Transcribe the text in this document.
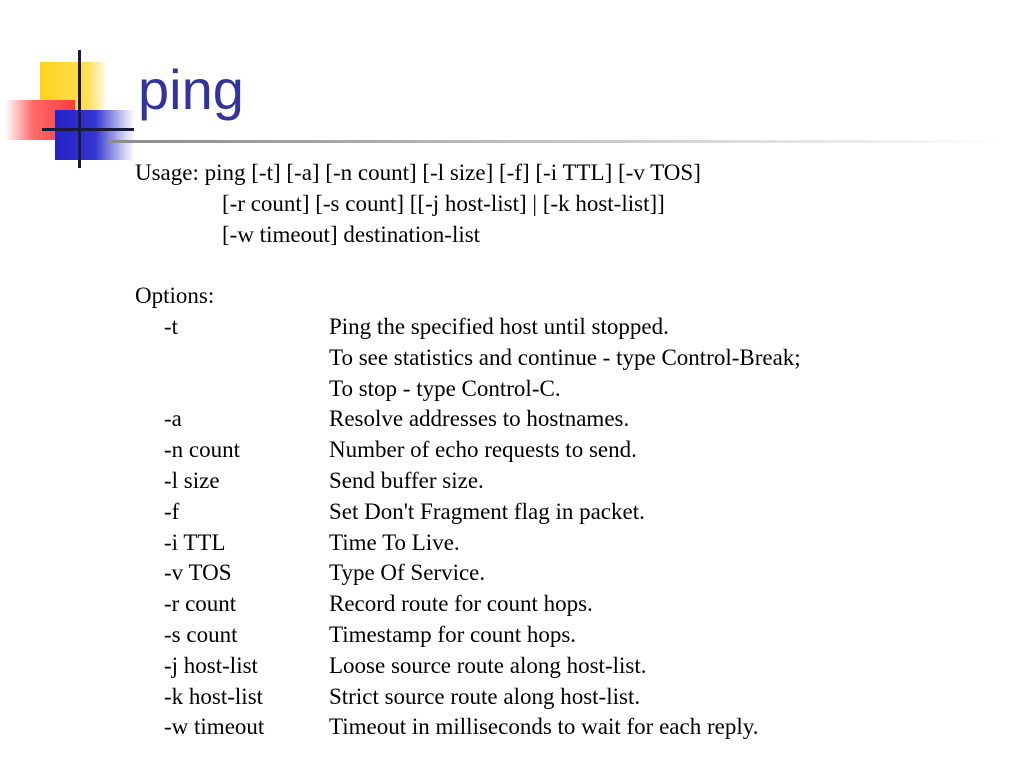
ping
Usage: ping [-t] [-a] [-n count] [-l size] [-f] [-i TTL] [-v TOS]
[-r count] [-s count] [[-j host-list] | [-k host-list]]
[-w timeout] destination-list
Options:
-t	Ping the specified host until stopped.
To see statistics and continue - type Control-Break;
To stop - type Control-C.
-a	Resolve addresses to hostnames.
-n count	Number of echo requests to send.
-l size	Send buffer size.
-f	Set Don't Fragment flag in packet.
-i TTL	Time To Live.
-v TOS	Type Of Service.
-r count	Record route for count hops.
-s count	Timestamp for count hops.
-j host-list	Loose source route along host-list.
-k host-list	Strict source route along host-list.
-w timeout	Timeout in milliseconds to wait for each reply.
